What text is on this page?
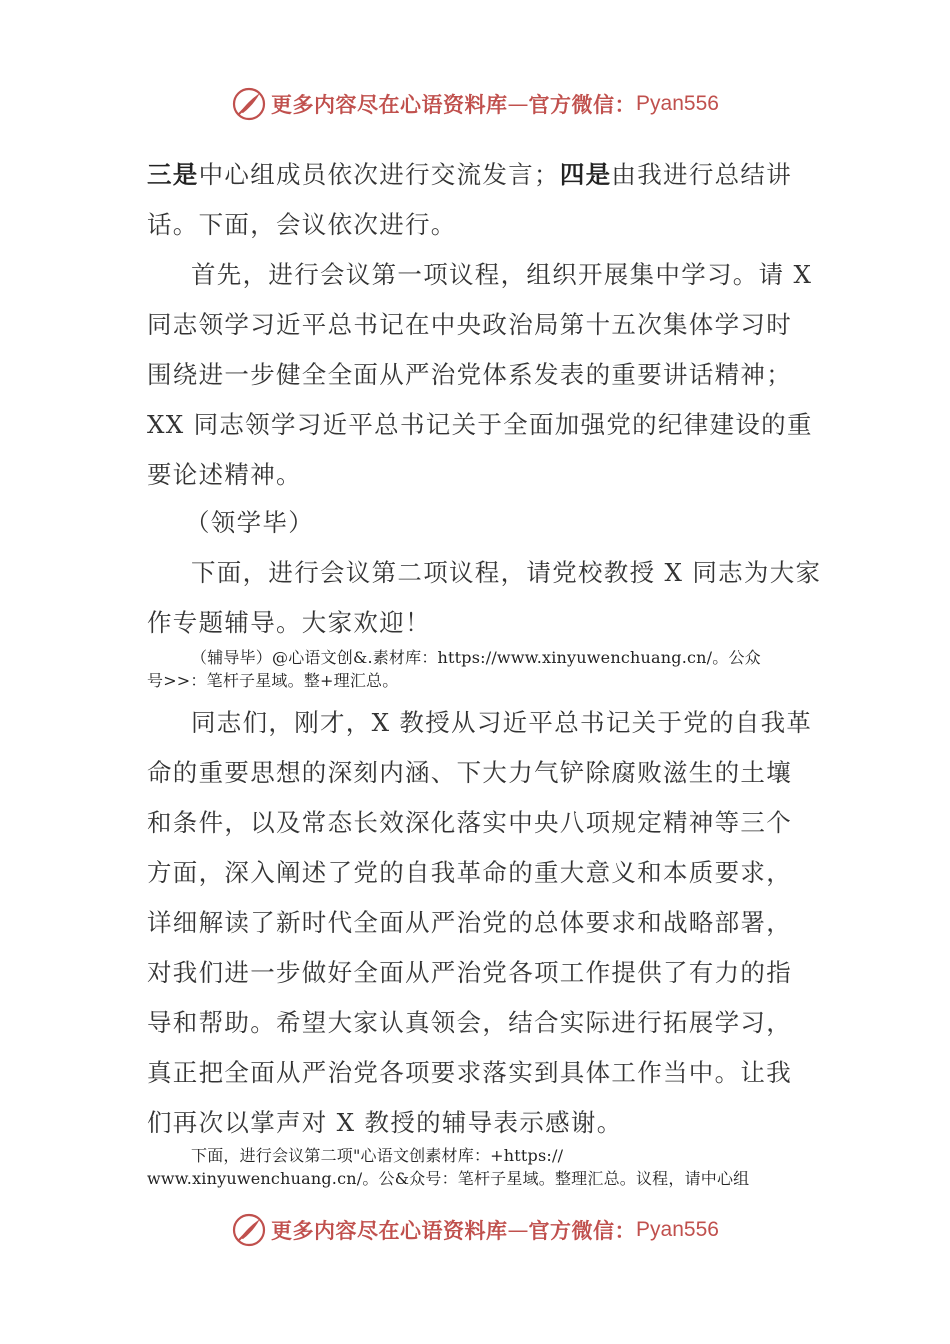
更多内容尽在心语资料库 — 官方微信： Pyan556
三是中心组成员依次进行交流发言；四是由我进行总结讲
话。下面，会议依次进行。
首先，进行会议第一项议程，组织开展集中学习。请 X
同志领学习近平总书记在中央政治局第十五次集体学习时
围绕进一步健全全面从严治党体系发表的重要讲话精神；
XX 同志领学习近平总书记关于全面加强党的纪律建设的重
要论述精神。
（领学毕）
下面，进行会议第二项议程，请党校教授 X 同志为大家
作专题辅导。大家欢迎！
（辅导毕）@心语文创&.素材库：https://www.xinyuwenchuang.cn/。公众
号>>：笔杆子星域。整+理汇总。
同志们，刚才，X 教授从习近平总书记关于党的自我革
命的重要思想的深刻内涵、下大力气铲除腐败滋生的土壤
和条件，以及常态长效深化落实中央八项规定精神等三个
方面，深入阐述了党的自我革命的重大意义和本质要求，
详细解读了新时代全面从严治党的总体要求和战略部署，
对我们进一步做好全面从严治党各项工作提供了有力的指
导和帮助。希望大家认真领会，结合实际进行拓展学习，
真正把全面从严治党各项要求落实到具体工作当中。让我
们再次以掌声对 X 教授的辅导表示感谢。
下面，进行会议第二项"心语文创素材库：+https://
www.xinyuwenchuang.cn/。公&众号：笔杆子星域。整理汇总。议程，请中心组
更多内容尽在心语资料库 — 官方微信： Pyan556
